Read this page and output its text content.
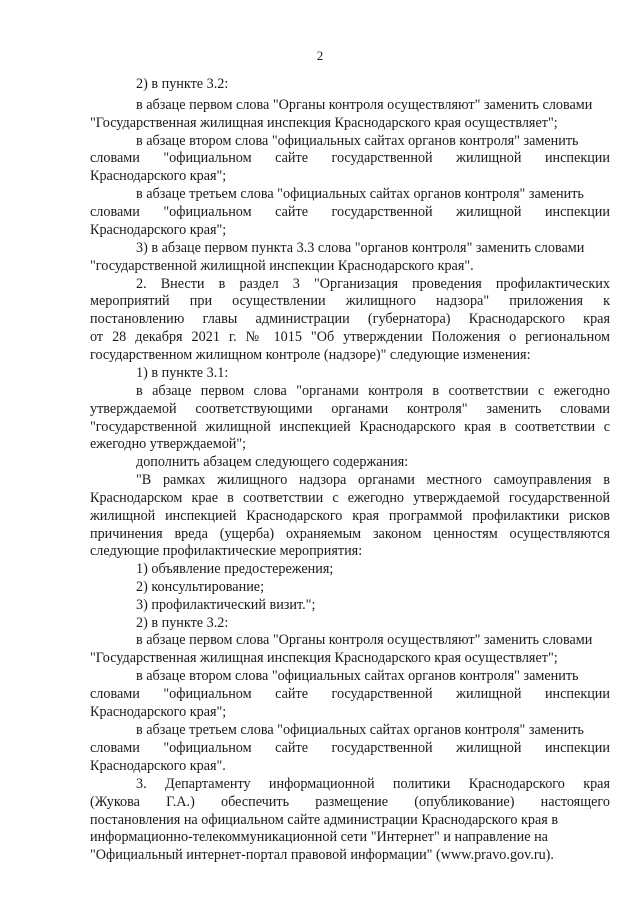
2
2) в пункте 3.2:
в абзаце первом слова "Органы контроля осуществляют" заменить словами
"Государственная жилищная инспекция Краснодарского края осуществляет";
в абзаце втором слова "официальных сайтах органов контроля" заменить
словами "официальном сайте государственной жилищной инспекции
Краснодарского края";
в абзаце третьем слова "официальных сайтах органов контроля" заменить
словами "официальном сайте государственной жилищной инспекции
Краснодарского края";
3) в абзаце первом пункта 3.3 слова "органов контроля" заменить словами
"государственной жилищной инспекции Краснодарского края".
2. Внести в раздел 3 "Организация проведения профилактических
мероприятий при осуществлении жилищного надзора" приложения к
постановлению главы администрации (губернатора) Краснодарского края
от 28 декабря 2021 г. № 1015 "Об утверждении Положения о региональном
государственном жилищном контроле (надзоре)" следующие изменения:
1) в пункте 3.1:
в абзаце первом слова "органами контроля в соответствии с ежегодно
утверждаемой соответствующими органами контроля" заменить словами
"государственной жилищной инспекцией Краснодарского края в соответствии с
ежегодно утверждаемой";
дополнить абзацем следующего содержания:
"В рамках жилищного надзора органами местного самоуправления в
Краснодарском крае в соответствии с ежегодно утверждаемой государственной
жилищной инспекцией Краснодарского края программой профилактики рисков
причинения вреда (ущерба) охраняемым законом ценностям осуществляются
следующие профилактические мероприятия:
1) объявление предостережения;
2) консультирование;
3) профилактический визит.";
2) в пункте 3.2:
в абзаце первом слова "Органы контроля осуществляют" заменить словами
"Государственная жилищная инспекция Краснодарского края осуществляет";
в абзаце втором слова "официальных сайтах органов контроля" заменить
словами "официальном сайте государственной жилищной инспекции
Краснодарского края";
в абзаце третьем слова "официальных сайтах органов контроля" заменить
словами "официальном сайте государственной жилищной инспекции
Краснодарского края".
3. Департаменту информационной политики Краснодарского края
(Жукова Г.А.) обеспечить размещение (опубликование) настоящего
постановления на официальном сайте администрации Краснодарского края в
информационно-телекоммуникационной сети "Интернет" и направление на
"Официальный интернет-портал правовой информации" (www.pravo.gov.ru).
